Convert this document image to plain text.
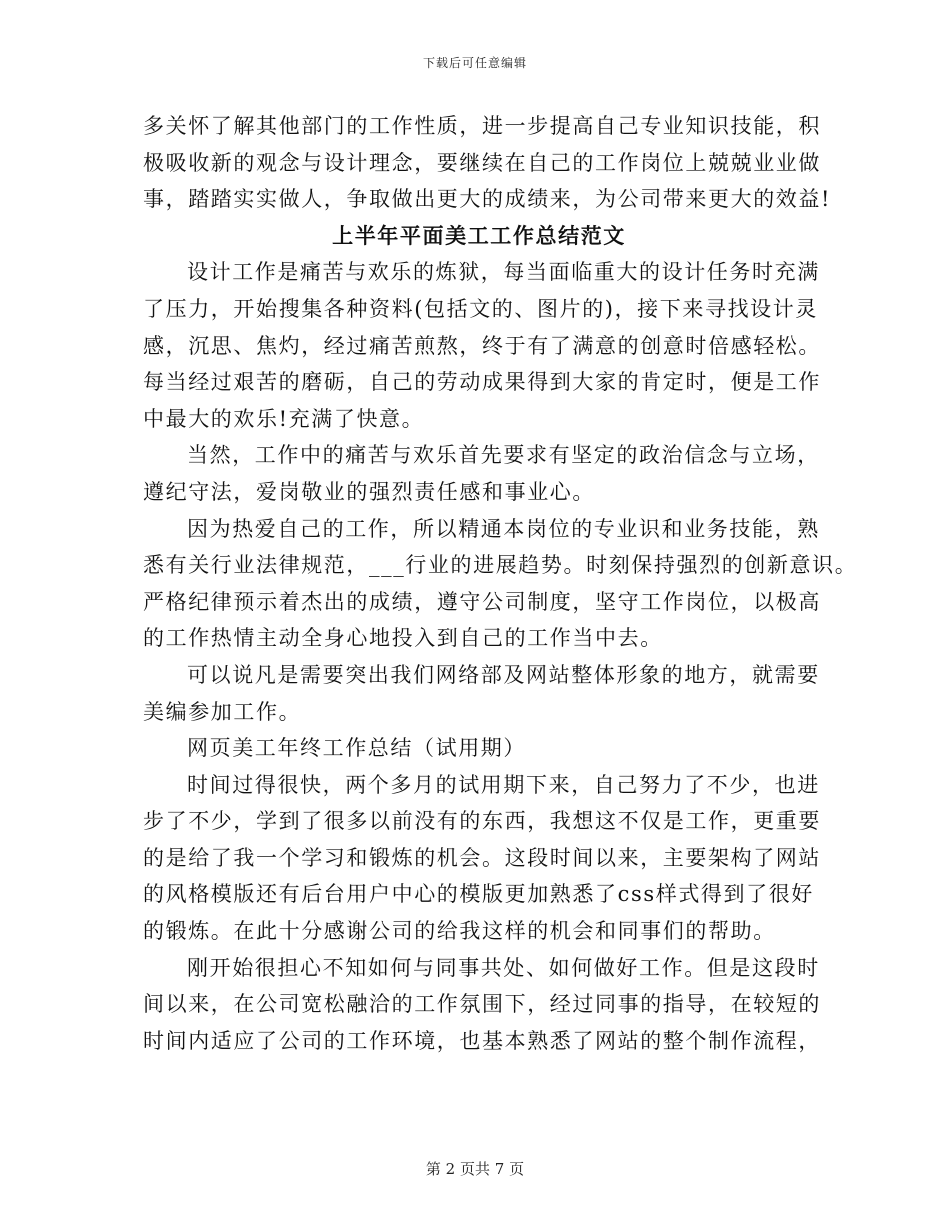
下载后可任意编辑
多关怀了解其他部门的工作性质，进一步提高自己专业知识技能，积
极吸收新的观念与设计理念，要继续在自己的工作岗位上兢兢业业做
事，踏踏实实做人，争取做出更大的成绩来，为公司带来更大的效益!
上半年平面美工工作总结范文
设计工作是痛苦与欢乐的炼狱，每当面临重大的设计任务时充满
了压力，开始搜集各种资料(包括文的、图片的)，接下来寻找设计灵
感，沉思、焦灼，经过痛苦煎熬，终于有了满意的创意时倍感轻松。
每当经过艰苦的磨砺，自己的劳动成果得到大家的肯定时，便是工作
中最大的欢乐!充满了快意。
当然，工作中的痛苦与欢乐首先要求有坚定的政治信念与立场，
遵纪守法，爱岗敬业的强烈责任感和事业心。
因为热爱自己的工作，所以精通本岗位的专业识和业务技能，熟
悉有关行业法律规范，___行业的进展趋势。时刻保持强烈的创新意识。
严格纪律预示着杰出的成绩，遵守公司制度，坚守工作岗位，以极高
的工作热情主动全身心地投入到自己的工作当中去。
可以说凡是需要突出我们网络部及网站整体形象的地方，就需要
美编参加工作。
网页美工年终工作总结（试用期）
时间过得很快，两个多月的试用期下来，自己努力了不少，也进
步了不少，学到了很多以前没有的东西，我想这不仅是工作，更重要
的是给了我一个学习和锻炼的机会。这段时间以来，主要架构了网站
的风格模版还有后台用户中心的模版更加熟悉了css样式得到了很好
的锻炼。在此十分感谢公司的给我这样的机会和同事们的帮助。
刚开始很担心不知如何与同事共处、如何做好工作。但是这段时
间以来，在公司宽松融洽的工作氛围下，经过同事的指导，在较短的
时间内适应了公司的工作环境，也基本熟悉了网站的整个制作流程，
第 2 页共 7 页
